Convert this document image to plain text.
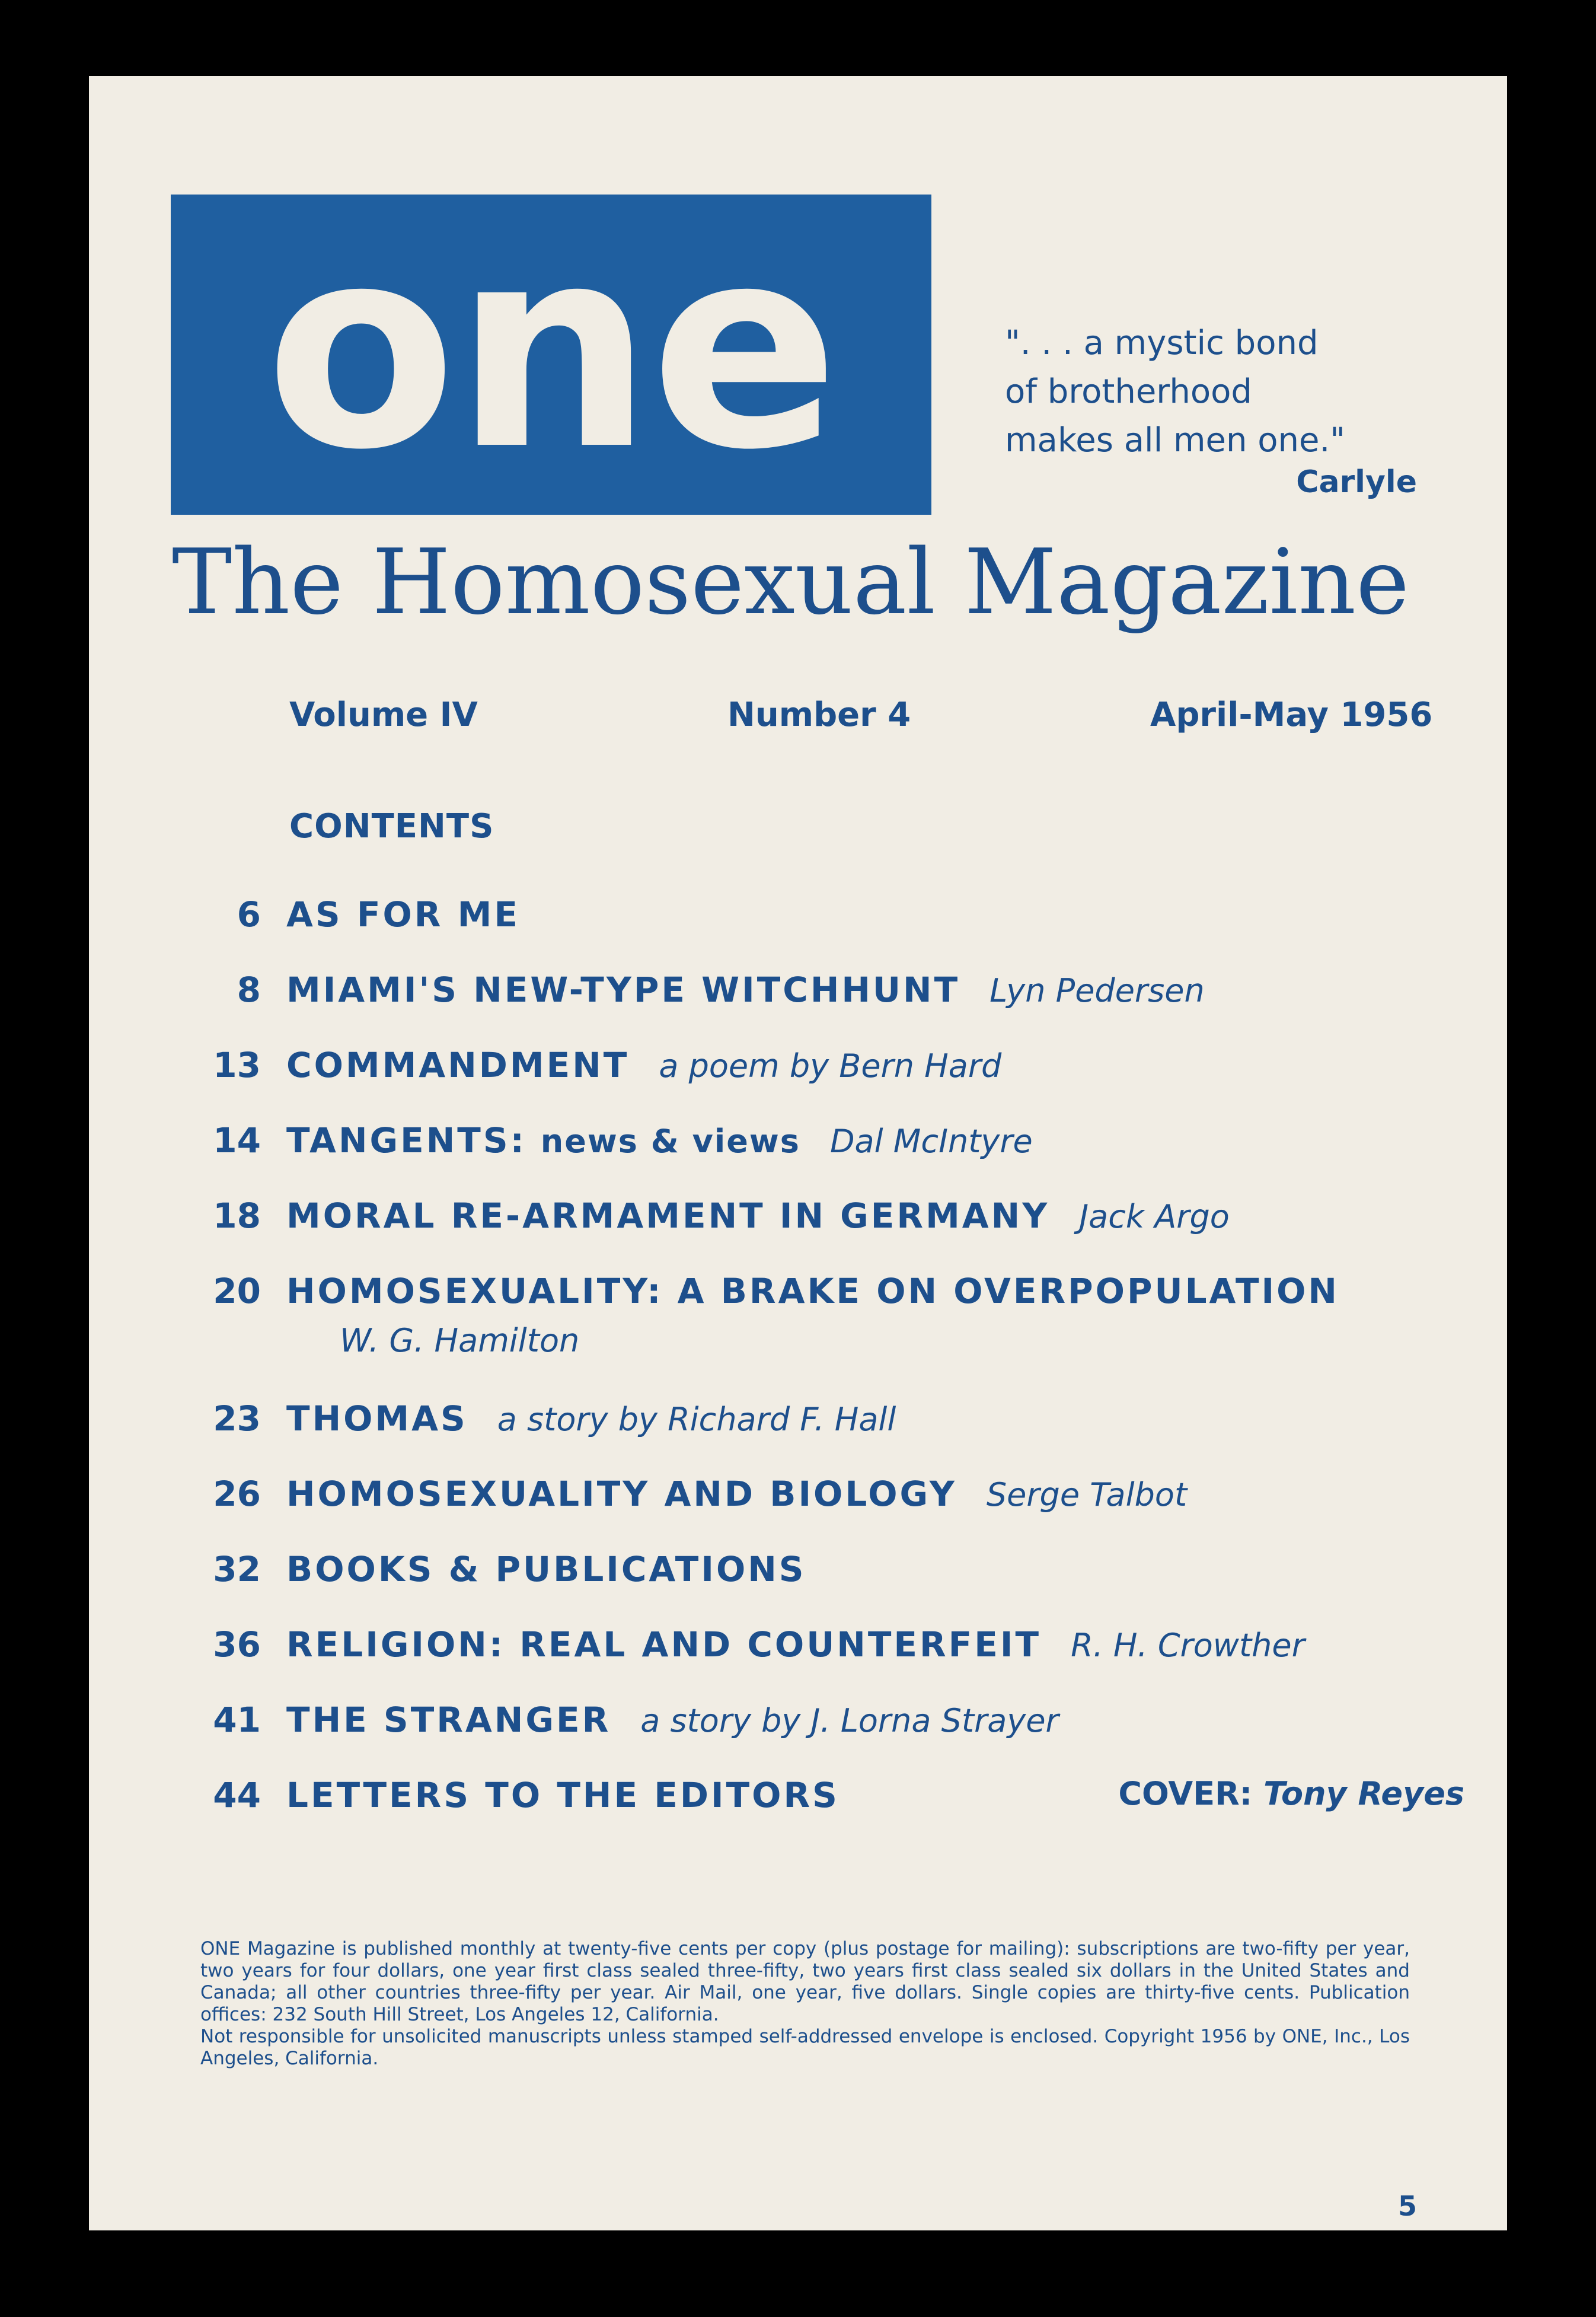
one	". . . a mystic bond
of brotherhood
makes all men one."
Carlyle
The Homosexual Magazine
Volume IV	Number 4	April-May 1956
CONTENTS
6 AS FOR ME
8 MIAMI'S NEW-TYPE WITCHHUNT Lyn Pedersen
13 COMMANDMENT a poem by Bern Hard
14 TANGENTS: news & views Dal McIntyre
18 MORAL RE-ARMAMENT IN GERMANY Jack Argo
20 HOMOSEXUALITY: A BRAKE ON OVERPOPULATION
W. G. Hamilton
23 THOMAS a story by Richard F. Hall
26 HOMOSEXUALITY AND BIOLOGY Serge Talbot
32 BOOKS & PUBLICATIONS
36 RELIGION: REAL AND COUNTERFEIT R. H. Crowther
41 THE STRANGER a story by J. Lorna Strayer
44 LETTERS TO THE EDITORS	COVER: Tony Reyes

ONE Magazine is published monthly at twenty-five cents per copy (plus postage for mailing): subscriptions are two-fifty per year, two years for four dollars, one year first class sealed three-fifty, two years first class sealed six dollars in the United States and Canada; all other countries three-fifty per year. Air Mail, one year, five dollars. Single copies are thirty-five cents. Publication offices: 232 South Hill Street, Los Angeles 12, California.

Not responsible for unsolicited manuscripts unless stamped self-addressed envelope is enclosed. Copyright 1956 by ONE, Inc., Los Angeles, California.

5
